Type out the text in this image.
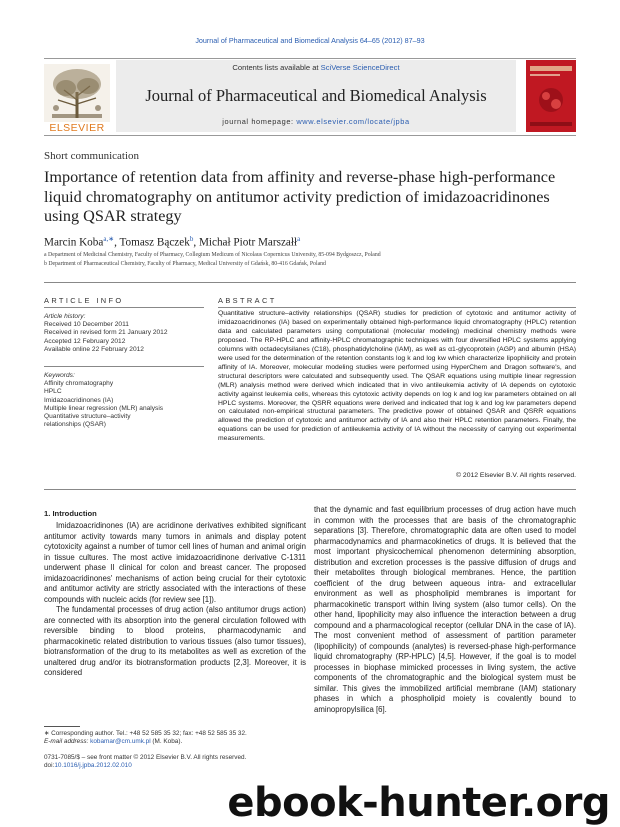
Journal of Pharmaceutical and Biomedical Analysis 64–65 (2012) 87–93
ELSEVIER
Contents lists available at SciVerse ScienceDirect
Journal of Pharmaceutical and Biomedical Analysis
journal homepage: www.elsevier.com/locate/jpba
Short communication
Importance of retention data from affinity and reverse-phase high-performance liquid chromatography on antitumor activity prediction of imidazoacridinones using QSAR strategy
Marcin Koba$^{a,∗}$, Tomasz Bączek$^b$, Michał Piotr Marszałł$^a$
a Department of Medicinal Chemistry, Faculty of Pharmacy, Collegium Medicum of Nicolaus Copernicus University, 85-094 Bydgoszcz, Poland
b Department of Pharmaceutical Chemistry, Faculty of Pharmacy, Medical University of Gdańsk, 80-416 Gdańsk, Poland
ARTICLE INFO
Article history:
Received 10 December 2011
Received in revised form 21 January 2012
Accepted 12 February 2012
Available online 22 February 2012
Keywords:
Affinity chromatography
HPLC
Imidazoacridinones (IA)
Multiple linear regression (MLR) analysis
Quantitative structure–activity
relationships (QSAR)
ABSTRACT
Quantitative structure–activity relationships (QSAR) studies for prediction of cytotoxic and antitumor activity of imidazoacridinones (IA) based on experimentally obtained high-performance liquid chromatography (HPLC) retention data and calculated parameters using computational (molecular modeling) medicinal chemistry methods were proposed. The RP-HPLC and affinity-HPLC chromatographic techniques with four diversified HPLC systems applying columns with octadecylsilanes (C18), phosphatidylcholine (IAM), as well as α1-glycoprotein (AGP) and albumin (HSA) were used for the determination of the retention constants log k and log kw which characterize lipophilicity and protein affinity of IA. Moreover, molecular modeling studies were performed using HyperChem and Dragon software's, and structural descriptors were calculated and subsequently used. The QSAR equations using multiple linear regression (MLR) analysis method were derived which indicated that in vivo antileukemia activity of IA depends on cytotoxic activity against leukemia cells, whereas this cytotoxic activity depends on log k and log kw parameters obtained on all HPLC systems. Moreover, the QSRR equations were derived and indicated that log k and log kw parameters depend on calculated non-empirical structural parameters. The predictive power of obtained QSAR and QSRR equations allowed the prediction of cytotoxic and antitumor activity of IA and also their HPLC retention parameters. Finally, the equations can be used for prediction of antileukemia activity of IA without the necessity of carrying out experimental measurements.
© 2012 Elsevier B.V. All rights reserved.
1. Introduction

Imidazoacridinones (IA) are acridinone derivatives exhibited significant antitumor activity towards many tumors in animals and display potent cytotoxicity against a number of tumor cell lines of human and animal origin in tissue cultures. The most active imidazoacridinone derivative C-1311 underwent phase II clinical for colon and breast cancer. The proposed imidazoacridinones' mechanisms of action being crucial for their cytotoxic and antitumor activity are strictly associated with the interactions of these compounds with nucleic acids (for review see [1]).

The fundamental processes of drug action (also antitumor drugs action) are connected with its absorption into the general circulation followed with reversible binding to blood proteins, pharmacodynamic and pharmacokinetic related distribution to various tissues (also tumor tissues), biotransformation of the drug to its metabolites as well as excretion of the unaltered drug and/or its biotransformation products [2,3]. Moreover, it is considered

that the dynamic and fast equilibrium processes of drug action have much in common with the processes that are basis of the chromatographic separations [3]. Therefore, chromatographic data are often used to model pharmacodynamics and pharmacokinetics of drugs. It is believed that the most important physicochemical phenomenon determining absorption, distribution and excretion processes is the passive diffusion of drugs and their metabolites through biological membranes. Hence, the partition coefficient of the drug between aqueous intra- and extracellular environment as well as phospholipid membranes is important for pharmacokinetic transport within living system (also tumor cells). On the other hand, lipophilicity may also influence the interaction between a drug compound and a pharmacological receptor (cellular DNA in the case of IA). The most convenient method of assessment of partition parameter (lipophilicity) of compounds (analytes) is reversed-phase high-performance liquid chromatography (RP-HPLC) [4,5]. However, if the goal is to model processes in biophase mimicked processes in living system, the active components of the chromatographic and the biological system must be similar. This gives the immobilized artificial membrane (IAM) stationary phases in which a phospholipid moiety is covalently bound to aminopropylsilica [6].

∗ Corresponding author. Tel.: +48 52 585 35 32; fax: +48 52 585 35 32.
E-mail address: kobamar@cm.umk.pl (M. Koba).
0731-7085/$ – see front matter © 2012 Elsevier B.V. All rights reserved.
doi:10.1016/j.jpba.2012.02.010
ebook-hunter.org
